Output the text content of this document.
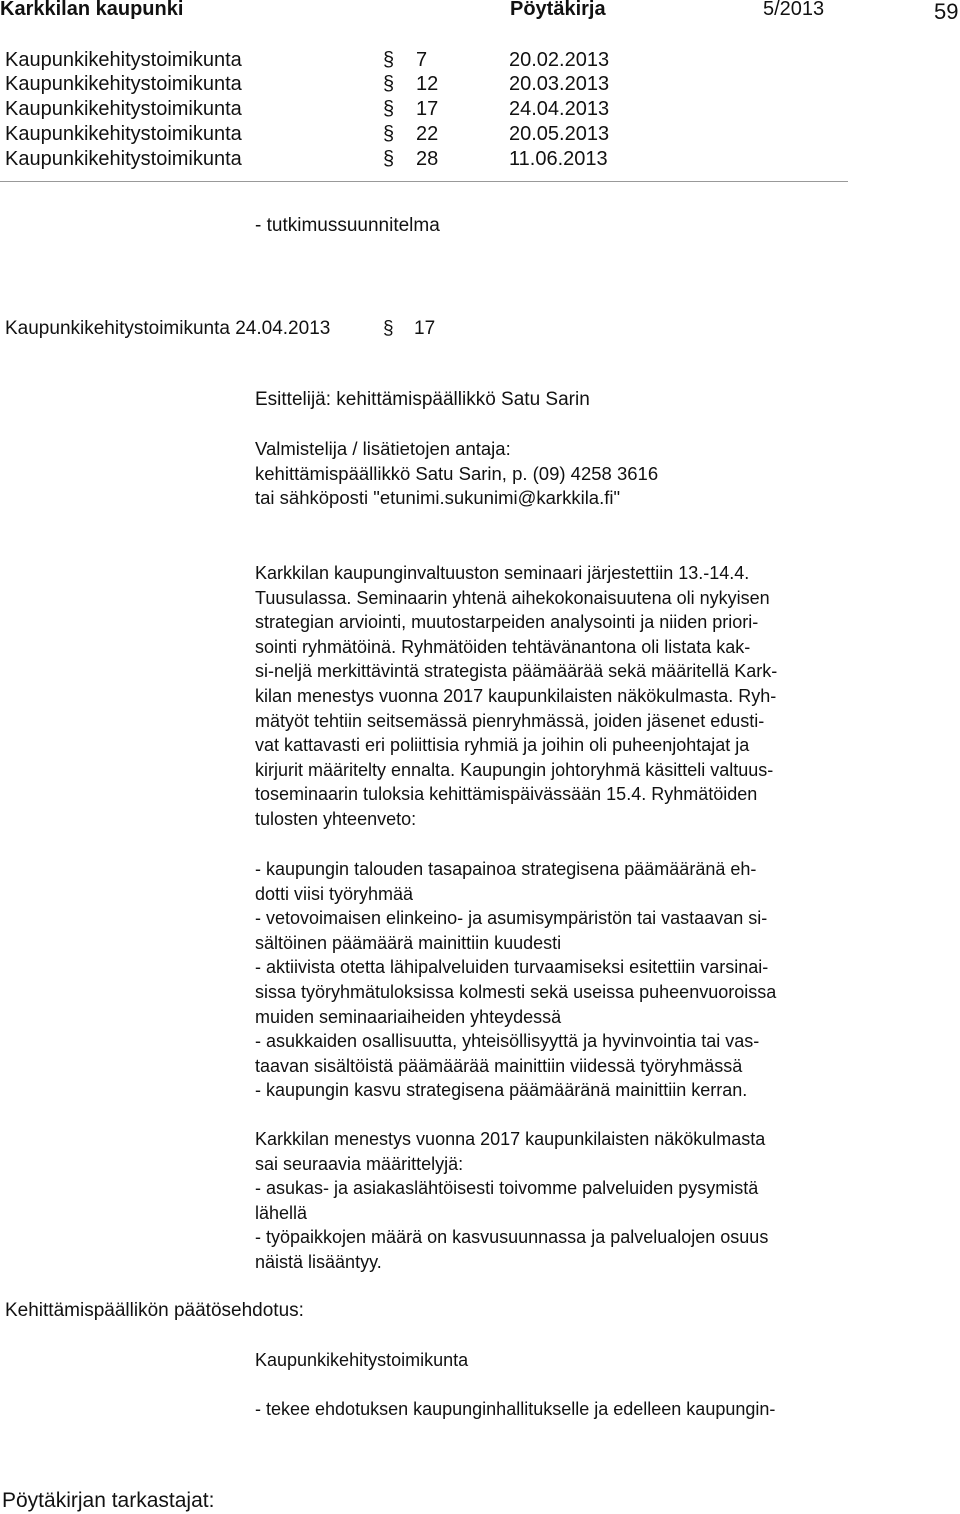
Karkkilan kaupunki	Pöytäkirja	5/2013	59
Kaupunkikehitystoimikunta	§ 7	20.02.2013
Kaupunkikehitystoimikunta	§ 12	20.03.2013
Kaupunkikehitystoimikunta	§ 17	24.04.2013
Kaupunkikehitystoimikunta	§ 22	20.05.2013
Kaupunkikehitystoimikunta	§ 28	11.06.2013
- tutkimussuunnitelma
Kaupunkikehitystoimikunta 24.04.2013	§ 17
Esittelijä: kehittämispäällikkö Satu Sarin
Valmistelija / lisätietojen antaja:
kehittämispäällikkö Satu Sarin, p. (09) 4258 3616
tai sähköposti "etunimi.sukunimi@karkkila.fi"
Karkkilan kaupunginvaltuuston seminaari järjestettiin 13.-14.4.
Tuusulassa. Seminaarin yhtenä aihekokonaisuutena oli nykyisen
strategian arviointi, muutostarpeiden analysointi ja niiden priori-
sointi ryhmätöinä. Ryhmätöiden tehtävänantona oli listata kak-
si-neljä merkittävintä strategista päämäärää sekä määritellä Kark-
kilan menestys vuonna 2017 kaupunkilaisten näkökulmasta. Ryh-
mätyöt tehtiin seitsemässä pienryhmässä, joiden jäsenet edusti-
vat kattavasti eri poliittisia ryhmiä ja joihin oli puheenjohtajat ja
kirjurit määritelty ennalta. Kaupungin johtoryhmä käsitteli valtuus-
toseminaarin tuloksia kehittämispäivässään 15.4. Ryhmätöiden
tulosten yhteenveto:
- kaupungin talouden tasapainoa strategisena päämääränä eh-
dotti viisi työryhmää
- vetovoimaisen elinkeino- ja asumisympäristön tai vastaavan si-
sältöinen päämäärä mainittiin kuudesti
- aktiivista otetta lähipalveluiden turvaamiseksi esitettiin varsinai-
sissa työryhmätuloksissa kolmesti sekä useissa puheenvuoroissa
muiden seminaariaiheiden yhteydessä
- asukkaiden osallisuutta, yhteisöllisyyttä ja hyvinvointia tai vas-
taavan sisältöistä päämäärää mainittiin viidessä työryhmässä
- kaupungin kasvu strategisena päämääränä mainittiin kerran.
Karkkilan menestys vuonna 2017 kaupunkilaisten näkökulmasta
sai seuraavia määrittelyjä:
- asukas- ja asiakaslähtöisesti toivomme palveluiden pysymistä
lähellä
- työpaikkojen määrä on kasvusuunnassa ja palvelualojen osuus
näistä lisääntyy.
Kehittämispäällikön päätösehdotus:
Kaupunkikehitystoimikunta
- tekee ehdotuksen kaupunginhallitukselle ja edelleen kaupungin-
Pöytäkirjan tarkastajat:
